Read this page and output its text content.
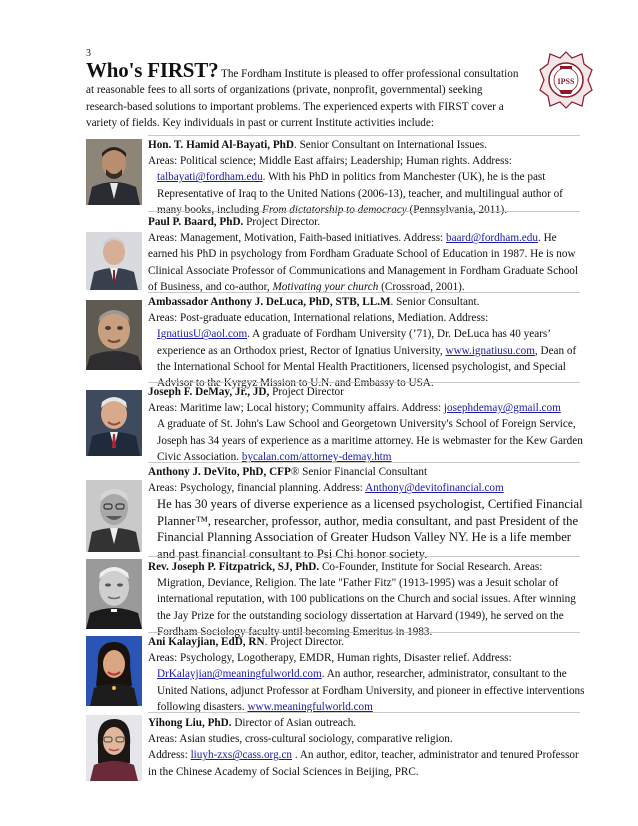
3
Who's FIRST? The Fordham Institute is pleased to offer professional consultation at reasonable fees to all sorts of organizations (private, nonprofit, governmental) seeking research-based solutions to important problems. The experienced experts with FIRST cover a variety of fields. Key individuals in past or current Institute activities include:
IPSS

Hon. T. Hamid Al-Bayati, PhD. Senior Consultant on International Issues.

Areas: Political science; Middle East affairs; Leadership; Human rights. Address:

talbayati@fordham.edu. With his PhD in politics from Manchester (UK), he is the past Representative of Iraq to the United Nations (2006-13), teacher, and multilingual author of many books, including From dictatorship to democracy (Pennsylvania, 2011).

Paul P. Baard, PhD. Project Director.

Areas: Management, Motivation, Faith-based initiatives. Address: baard@fordham.edu. He earned his PhD in psychology from Fordham Graduate School of Education in 1987. He is now Clinical Associate Professor of Communications and Management in Fordham Graduate School of Business, and co-author, Motivating your church (Crossroad, 2001).

Ambassador Anthony J. DeLuca, PhD, STB, LL.M. Senior Consultant.

Areas: Post-graduate education, International relations, Mediation. Address:

IgnatiusU@aol.com. A graduate of Fordham University (’71), Dr. DeLuca has 40 years’ experience as an Orthodox priest, Rector of Ignatius University, www.ignatiusu.com, Dean of the International School for Mental Health Practitioners, licensed psychologist, and Special Advisor to the Kyrgyz Mission to U.N. and Embassy to USA.

Joseph F. DeMay, Jr., JD, Project Director

Areas: Maritime law; Local history; Community affairs. Address: josephdemay@gmail.com

A graduate of St. John's Law School and Georgetown University's School of Foreign Service, Joseph has 34 years of experience as a maritime attorney. He is webmaster for the Kew Garden Civic Association. bycalan.com/attorney-demay.htm

Anthony J. DeVito, PhD, CFP® Senior Financial Consultant

Areas: Psychology, financial planning. Address: Anthony@devitofinancial.com

He has 30 years of diverse experience as a licensed psychologist, Certified Financial Planner™, researcher, professor, author, media consultant, and past President of the Financial Planning Association of Greater Hudson Valley NY. He is a life member and past financial consultant to Psi Chi honor society.

Rev. Joseph P. Fitzpatrick, SJ, PhD. Co-Founder, Institute for Social Research. Areas:

Migration, Deviance, Religion. The late "Father Fitz" (1913-1995) was a Jesuit scholar of international reputation, with 100 publications on the Church and social issues. After winning the Jay Prize for the outstanding sociology dissertation at Harvard (1949), he served on the Fordham Sociology faculty until becoming Emeritus in 1983.

Ani Kalayjian, EdD, RN. Project Director.

Areas: Psychology, Logotherapy, EMDR, Human rights, Disaster relief. Address:

DrKalayjian@meaningfulworld.com. An author, researcher, administrator, consultant to the United Nations, adjunct Professor at Fordham University, and pioneer in effective interventions following disasters. www.meaningfulworld.com

Yihong Liu, PhD. Director of Asian outreach.

Areas: Asian studies, cross-cultural sociology, comparative religion.

Address: liuyh-zxs@cass.org.cn . An author, editor, teacher, administrator and tenured Professor in the Chinese Academy of Social Sciences in Beijing, PRC.
